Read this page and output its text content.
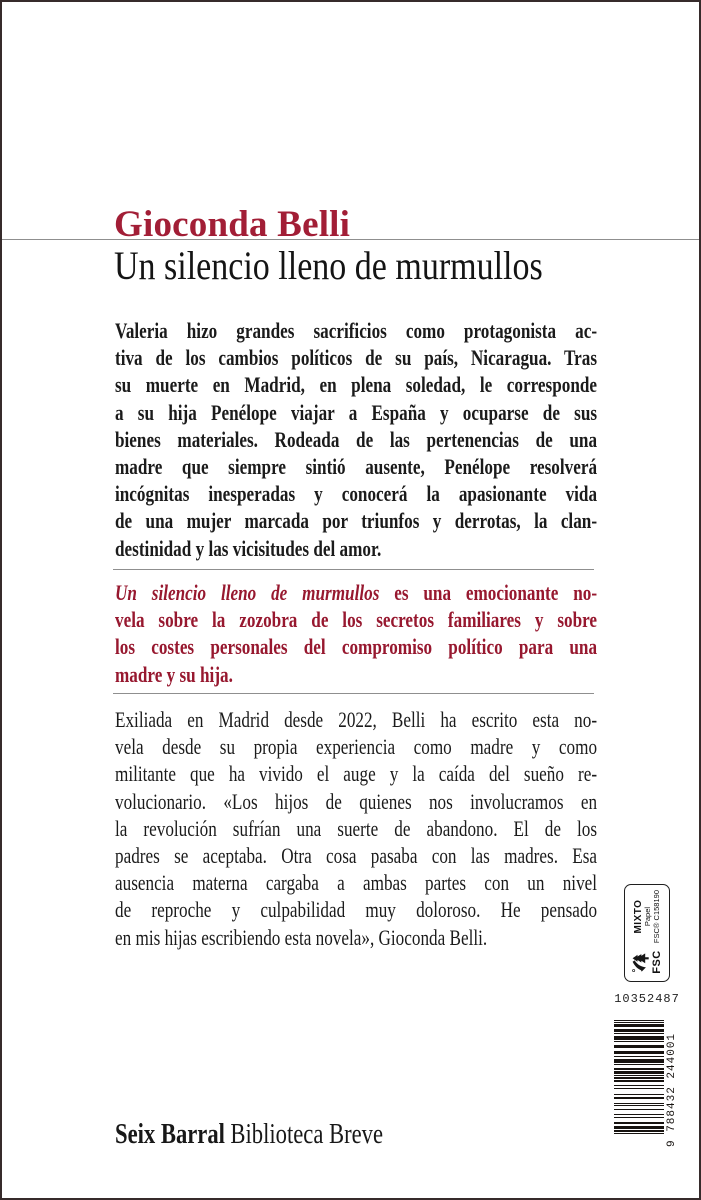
Gioconda Belli
Un silencio lleno de murmullos

Valeria hizo grandes sacrificios como protagonista ac-
tiva de los cambios políticos de su país, Nicaragua. Tras
su muerte en Madrid, en plena soledad, le corresponde
a su hija Penélope viajar a España y ocuparse de sus
bienes materiales. Rodeada de las pertenencias de una
madre que siempre sintió ausente, Penélope resolverá
incógnitas inesperadas y conocerá la apasionante vida
de una mujer marcada por triunfos y derrotas, la clan-
destinidad y las vicisitudes del amor.

Un silencio lleno de murmullos es una emocionante no-
vela sobre la zozobra de los secretos familiares y sobre
los costes personales del compromiso político para una
madre y su hija.

Exiliada en Madrid desde 2022, Belli ha escrito esta no-
vela desde su propia experiencia como madre y como
militante que ha vivido el auge y la caída del sueño re-
volucionario. «Los hijos de quienes nos involucramos en
la revolución sufrían una suerte de abandono. El de los
padres se aceptaba. Otra cosa pasaba con las madres. Esa
ausencia materna cargaba a ambas partes con un nivel
de reproche y culpabilidad muy doloroso. He pensado
en mis hijas escribiendo esta novela», Gioconda Belli.

FSC
MIXTO Papel FSC® C158190
10352487
9 788432 244001

Seix Barral Biblioteca Breve
